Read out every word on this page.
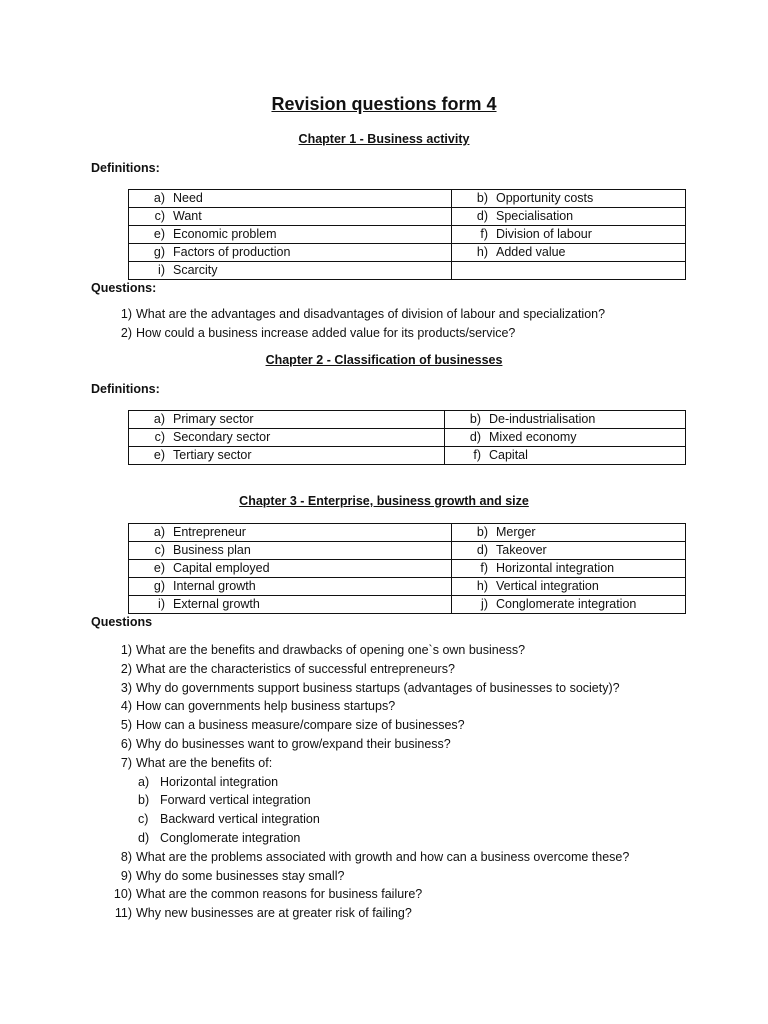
Revision questions form 4
Chapter 1 - Business activity
Definitions:
a) Need	b) Opportunity costs
c) Want	d) Specialisation
e) Economic problem	f) Division of labour
g) Factors of production	h) Added value
i) Scarcity	
Questions:
1) What are the advantages and disadvantages of division of labour and specialization?
2) How could a business increase added value for its products/service?
Chapter 2 - Classification of businesses
Definitions:
a) Primary sector	b) De-industrialisation
c) Secondary sector	d) Mixed economy
e) Tertiary sector	f) Capital
Chapter 3 - Enterprise, business growth and size
a) Entrepreneur	b) Merger
c) Business plan	d) Takeover
e) Capital employed	f) Horizontal integration
g) Internal growth	h) Vertical integration
i) External growth	j) Conglomerate integration
Questions
1) What are the benefits and drawbacks of opening one`s own business?
2) What are the characteristics of successful entrepreneurs?
3) Why do governments support business startups (advantages of businesses to society)?
4) How can governments help business startups?
5) How can a business measure/compare size of businesses?
6) Why do businesses want to grow/expand their business?
7) What are the benefits of:
a) Horizontal integration
b) Forward vertical integration
c) Backward vertical integration
d) Conglomerate integration
8) What are the problems associated with growth and how can a business overcome these?
9) Why do some businesses stay small?
10) What are the common reasons for business failure?
11) Why new businesses are at greater risk of failing?
